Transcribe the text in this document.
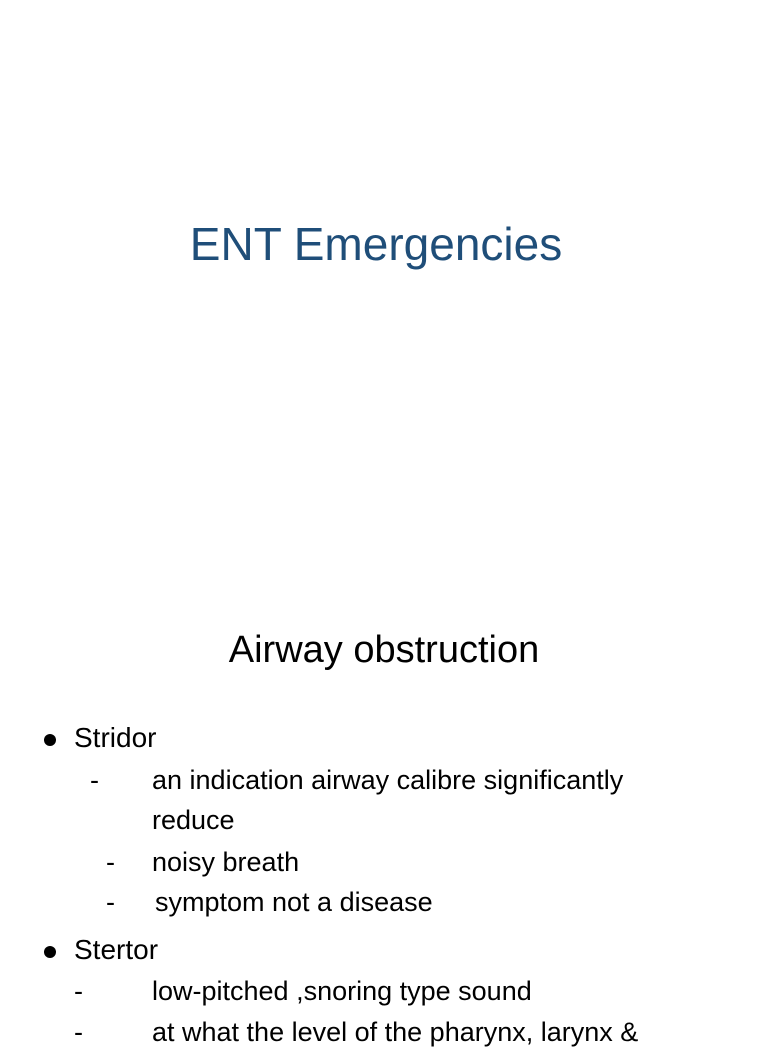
ENT Emergencies
Airway obstruction
Stridor
- an indication airway calibre significantly
reduce
- noisy breath
- symptom not a disease
Stertor
-	low-pitched ,snoring type sound
-	at what the level of the pharynx, larynx &
